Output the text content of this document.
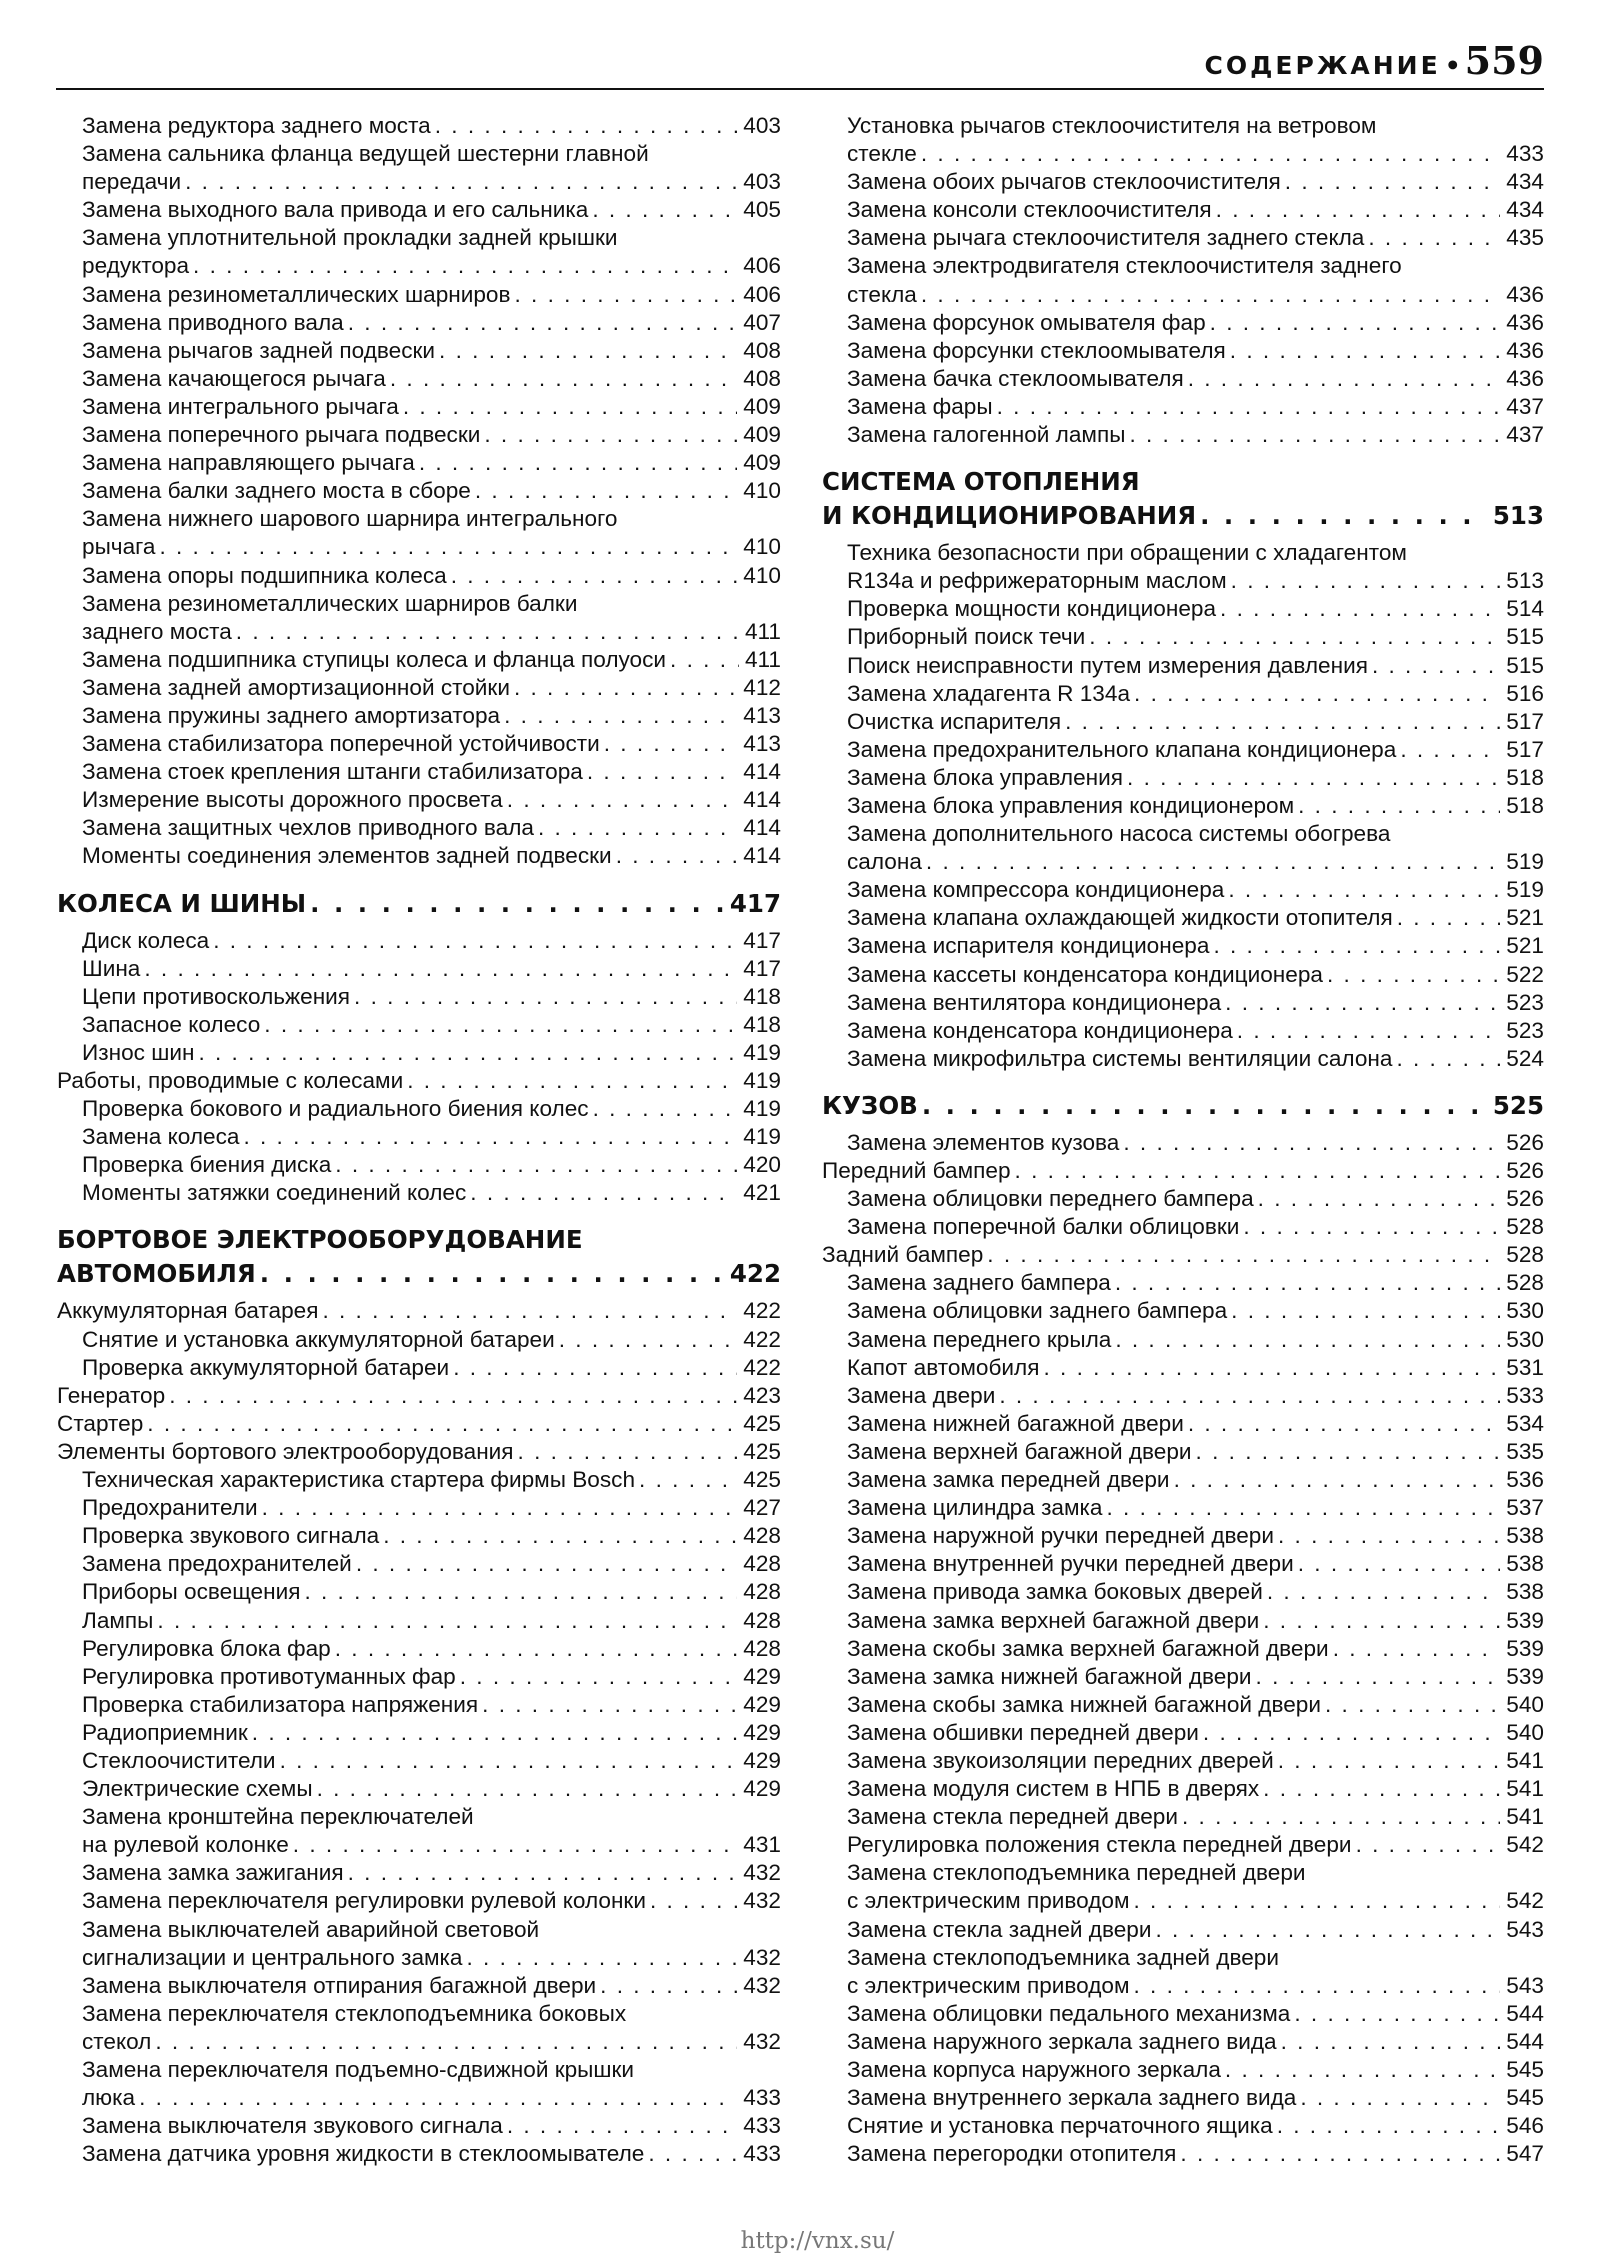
СОДЕРЖАНИЕ • 559
Замена редуктора заднего моста . . .	403
Замена сальника фланца ведущей шестерни главной
передачи . . .	403
Замена выходного вала привода и его сальника . . .	405
Замена уплотнительной прокладки задней крышки
редуктора . . .	406
Замена резинометаллических шарниров . . .	406
Замена приводного вала . . .	407
Замена рычагов задней подвески . . .	408
Замена качающегося рычага . . .	408
Замена интегрального рычага . . .	409
Замена поперечного рычага подвески . . .	409
Замена направляющего рычага . . .	409
Замена балки заднего моста в сборе . . .	410
Замена нижнего шарового шарнира интегрального
рычага . . .	410
Замена опоры подшипника колеса . . .	410
Замена резинометаллических шарниров балки
заднего моста . . .	411
Замена подшипника ступицы колеса и фланца полуоси . . .	411
Замена задней амортизационной стойки . . .	412
Замена пружины заднего амортизатора . . .	413
Замена стабилизатора поперечной устойчивости . . .	413
Замена стоек крепления штанги стабилизатора . . .	414
Измерение высоты дорожного просвета . . .	414
Замена защитных чехлов приводного вала . . .	414
Моменты соединения элементов задней подвески . . .	414
КОЛЕСА И ШИНЫ . . .	417
Диск колеса . . .	417
Шина . . .	417
Цепи противоскольжения . . .	418
Запасное колесо . . .	418
Износ шин . . .	419
Работы, проводимые с колесами . . .	419
Проверка бокового и радиального биения колес . . .	419
Замена колеса . . .	419
Проверка биения диска . . .	420
Моменты затяжки соединений колес . . .	421
БОРТОВОЕ ЭЛЕКТРООБОРУДОВАНИЕ
АВТОМОБИЛЯ . . .	422
Аккумуляторная батарея . . .	422
Снятие и установка аккумуляторной батареи . . .	422
Проверка аккумуляторной батареи . . .	422
Генератор . . .	423
Стартер . . .	425
Элементы бортового электрооборудования . . .	425
Техническая характеристика стартера фирмы Bosch . . .	425
Предохранители . . .	427
Проверка звукового сигнала . . .	428
Замена предохранителей . . .	428
Приборы освещения . . .	428
Лампы . . .	428
Регулировка блока фар . . .	428
Регулировка противотуманных фар . . .	429
Проверка стабилизатора напряжения . . .	429
Радиоприемник . . .	429
Стеклоочистители . . .	429
Электрические схемы . . .	429
Замена кронштейна переключателей
на рулевой колонке . . .	431
Замена замка зажигания . . .	432
Замена переключателя регулировки рулевой колонки . . .	432
Замена выключателей аварийной световой
сигнализации и центрального замка . . .	432
Замена выключателя отпирания багажной двери . . .	432
Замена переключателя стеклоподъемника боковых
стекол . . .	432
Замена переключателя подъемно-сдвижной крышки
люка . . .	433
Замена выключателя звукового сигнала . . .	433
Замена датчика уровня жидкости в стеклоомывателе . . .	433
Установка рычагов стеклоочистителя на ветровом
стекле . . .	433
Замена обоих рычагов стеклоочистителя . . .	434
Замена консоли стеклоочистителя . . .	434
Замена рычага стеклоочистителя заднего стекла . . .	435
Замена электродвигателя стеклоочистителя заднего
стекла . . .	436
Замена форсунок омывателя фар . . .	436
Замена форсунки стеклоомывателя . . .	436
Замена бачка стеклоомывателя . . .	436
Замена фары . . .	437
Замена галогенной лампы . . .	437
СИСТЕМА ОТОПЛЕНИЯ
И КОНДИЦИОНИРОВАНИЯ . . .	513
Техника безопасности при обращении с хладагентом
R134a и рефрижераторным маслом . . .	513
Проверка мощности кондиционера . . .	514
Приборный поиск течи . . .	515
Поиск неисправности путем измерения давления . . .	515
Замена хладагента R 134a . . .	516
Очистка испарителя . . .	517
Замена предохранительного клапана кондиционера . . .	517
Замена блока управления . . .	518
Замена блока управления кондиционером . . .	518
Замена дополнительного насоса системы обогрева
салона . . .	519
Замена компрессора кондиционера . . .	519
Замена клапана охлаждающей жидкости отопителя . . .	521
Замена испарителя кондиционера . . .	521
Замена кассеты конденсатора кондиционера . . .	522
Замена вентилятора кондиционера . . .	523
Замена конденсатора кондиционера . . .	523
Замена микрофильтра системы вентиляции салона . . .	524
КУЗОВ . . .	525
Замена элементов кузова . . .	526
Передний бампер . . .	526
Замена облицовки переднего бампера . . .	526
Замена поперечной балки облицовки . . .	528
Задний бампер . . .	528
Замена заднего бампера . . .	528
Замена облицовки заднего бампера . . .	530
Замена переднего крыла . . .	530
Капот автомобиля . . .	531
Замена двери . . .	533
Замена нижней багажной двери . . .	534
Замена верхней багажной двери . . .	535
Замена замка передней двери . . .	536
Замена цилиндра замка . . .	537
Замена наружной ручки передней двери . . .	538
Замена внутренней ручки передней двери . . .	538
Замена привода замка боковых дверей . . .	538
Замена замка верхней багажной двери . . .	539
Замена скобы замка верхней багажной двери . . .	539
Замена замка нижней багажной двери . . .	539
Замена скобы замка нижней багажной двери . . .	540
Замена обшивки передней двери . . .	540
Замена звукоизоляции передних дверей . . .	541
Замена модуля систем в НПБ в дверях . . .	541
Замена стекла передней двери . . .	541
Регулировка положения стекла передней двери . . .	542
Замена стеклоподъемника передней двери
с электрическим приводом . . .	542
Замена стекла задней двери . . .	543
Замена стеклоподъемника задней двери
с электрическим приводом . . .	543
Замена облицовки педального механизма . . .	544
Замена наружного зеркала заднего вида . . .	544
Замена корпуса наружного зеркала . . .	545
Замена внутреннего зеркала заднего вида . . .	545
Снятие и установка перчаточного ящика . . .	546
Замена перегородки отопителя . . .	547
http://vnx.su/
